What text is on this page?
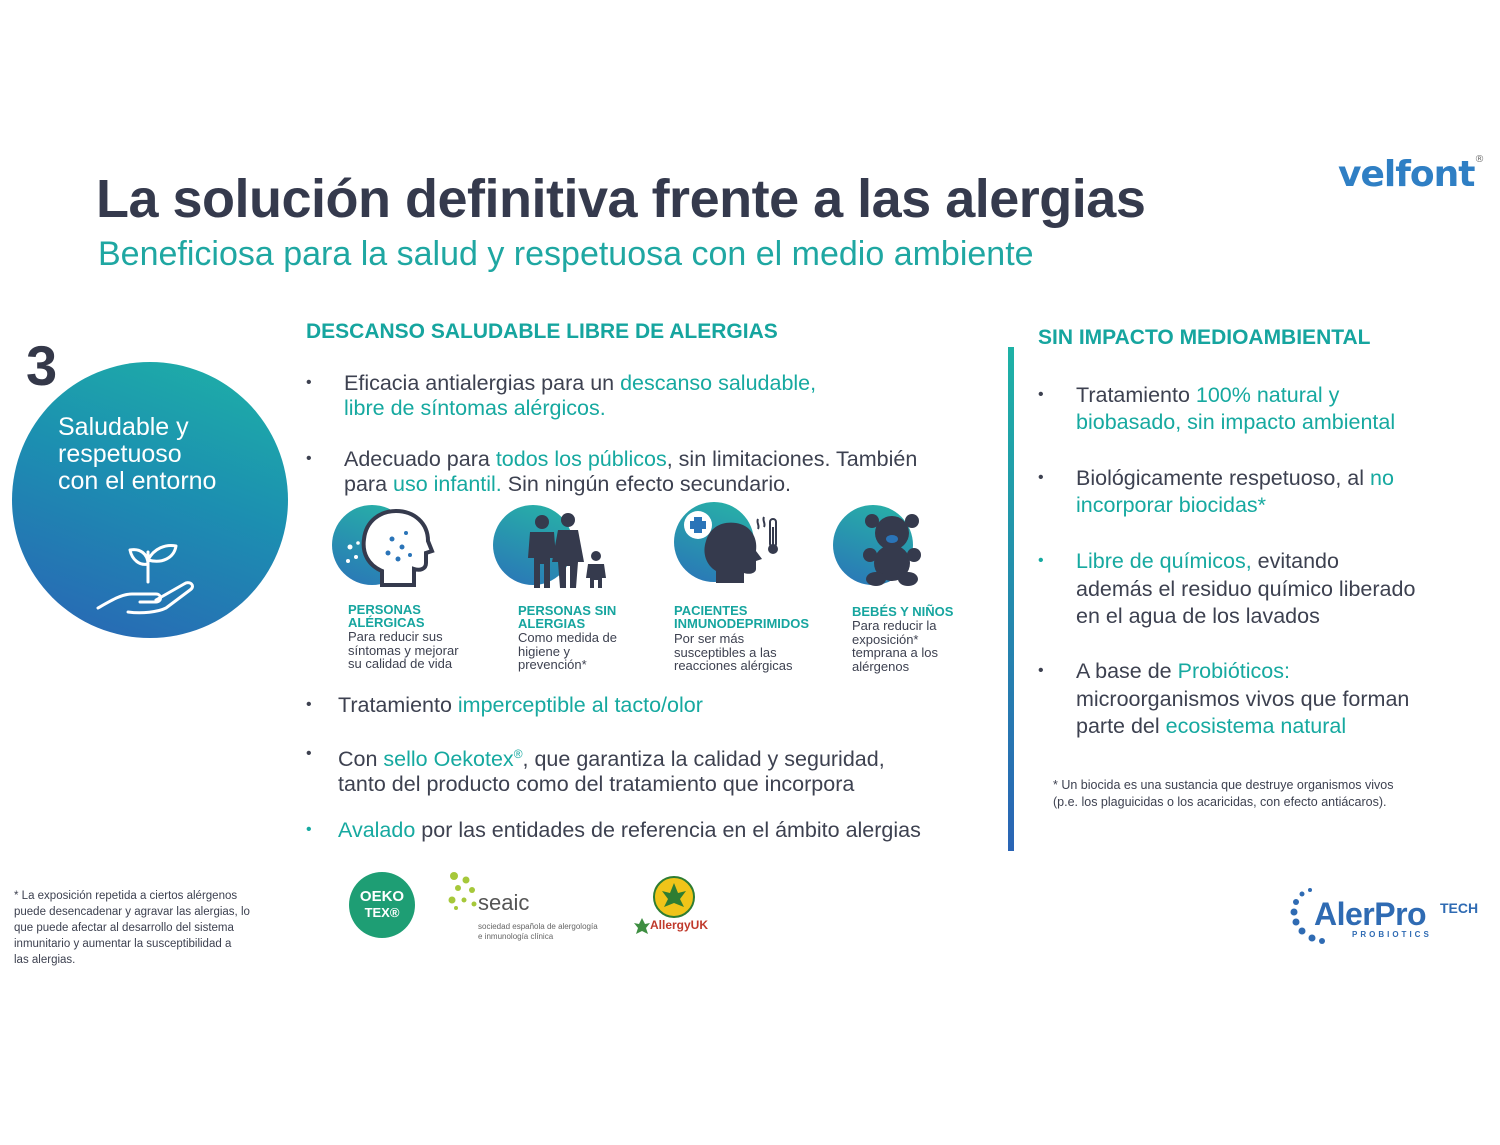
velfont®
La solución definitiva frente a las alergias
Beneficiosa para la salud y respetuosa con el medio ambiente
3
Saludable y
respetuoso
con el entorno
DESCANSO SALUDABLE LIBRE DE ALERGIAS
• Eficacia antialergias para un descanso saludable,
libre de síntomas alérgicos.
• Adecuado para todos los públicos, sin limitaciones. También
para uso infantil. Sin ningún efecto secundario.
PERSONAS
ALÉRGICAS
Para reducir sus
síntomas y mejorar
su calidad de vida
PERSONAS SIN
ALERGIAS
Como medida de
higiene y
prevención*
PACIENTES
INMUNODEPRIMIDOS
Por ser más
susceptibles a las
reacciones alérgicas
BEBÉS Y NIÑOS
Para reducir la
exposición*
temprana a los
alérgenos
• Tratamiento imperceptible al tacto/olor
• Con sello Oekotex®, que garantiza la calidad y seguridad,
tanto del producto como del tratamiento que incorpora
• Avalado por las entidades de referencia en el ámbito alergias
SIN IMPACTO MEDIOAMBIENTAL
• Tratamiento 100% natural y
biobasado, sin impacto ambiental
• Biológicamente respetuoso, al no
incorporar biocidas*
• Libre de químicos, evitando
además el residuo químico liberado
en el agua de los lavados
• A base de Probióticos:
microorganismos vivos que forman
parte del ecosistema natural
* Un biocida es una sustancia que destruye organismos vivos
(p.e. los plaguicidas o los acaricidas, con efecto antiácaros).
* La exposición repetida a ciertos alérgenos
puede desencadenar y agravar las alergias, lo
que puede afectar al desarrollo del sistema
inmunitario y aumentar la susceptibilidad a
las alergias.
OEKO
TEX®	seaic
sociedad española de alergología
e inmunología clínica
AllergyUK	AlerPro TECH
PROBIOTICS
